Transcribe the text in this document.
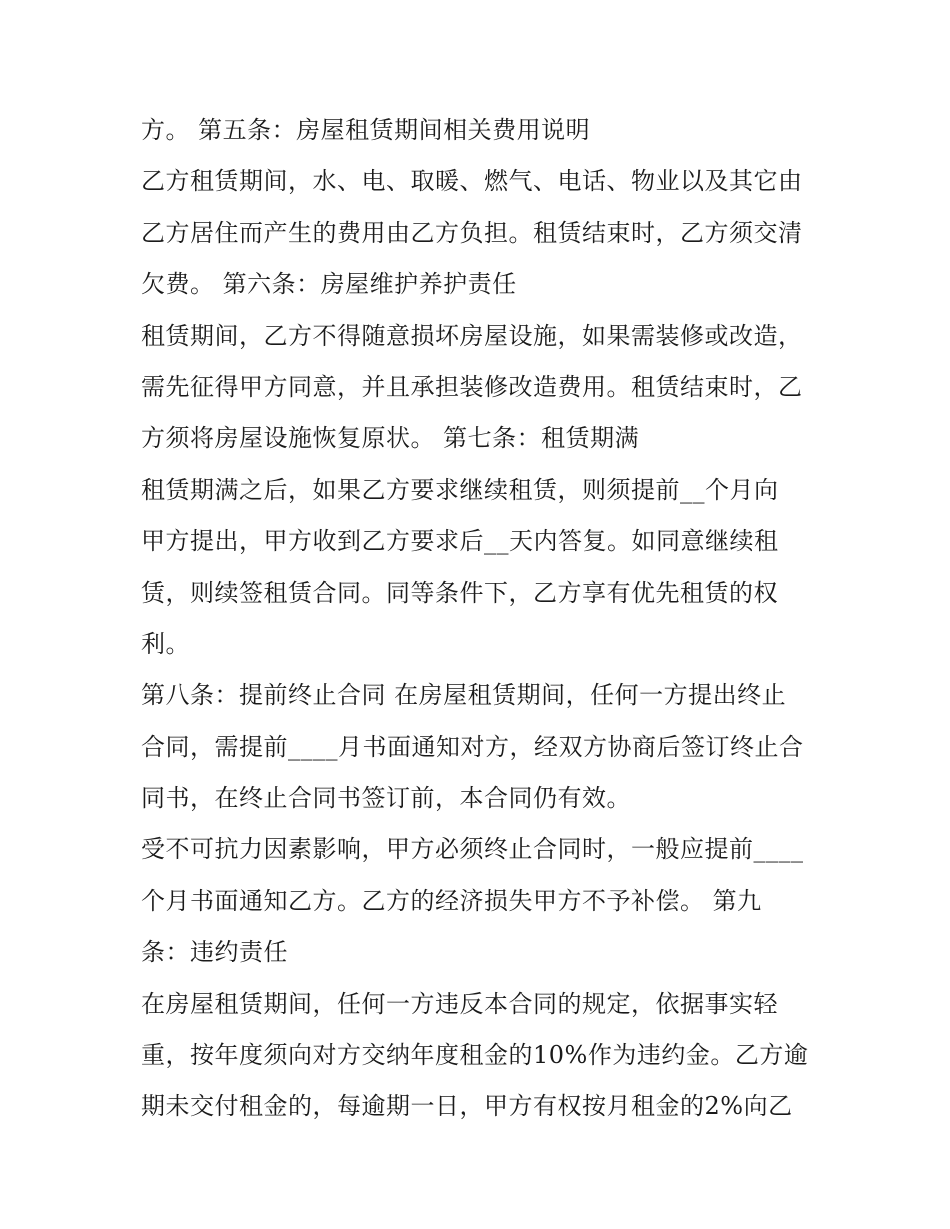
方。 第五条：房屋租赁期间相关费用说明
乙方租赁期间，水、电、取暖、燃气、电话、物业以及其它由
乙方居住而产生的费用由乙方负担。租赁结束时，乙方须交清
欠费。 第六条：房屋维护养护责任
租赁期间，乙方不得随意损坏房屋设施，如果需装修或改造，
需先征得甲方同意，并且承担装修改造费用。租赁结束时，乙
方须将房屋设施恢复原状。 第七条：租赁期满
租赁期满之后，如果乙方要求继续租赁，则须提前__个月向
甲方提出，甲方收到乙方要求后__天内答复。如同意继续租
赁，则续签租赁合同。同等条件下，乙方享有优先租赁的权
利。
第八条：提前终止合同 在房屋租赁期间，任何一方提出终止
合同，需提前____月书面通知对方，经双方协商后签订终止合
同书，在终止合同书签订前，本合同仍有效。
受不可抗力因素影响，甲方必须终止合同时，一般应提前____
个月书面通知乙方。乙方的经济损失甲方不予补偿。 第九
条：违约责任
在房屋租赁期间，任何一方违反本合同的规定，依据事实轻
重，按年度须向对方交纳年度租金的10%作为违约金。乙方逾
期未交付租金的，每逾期一日，甲方有权按月租金的2%向乙
